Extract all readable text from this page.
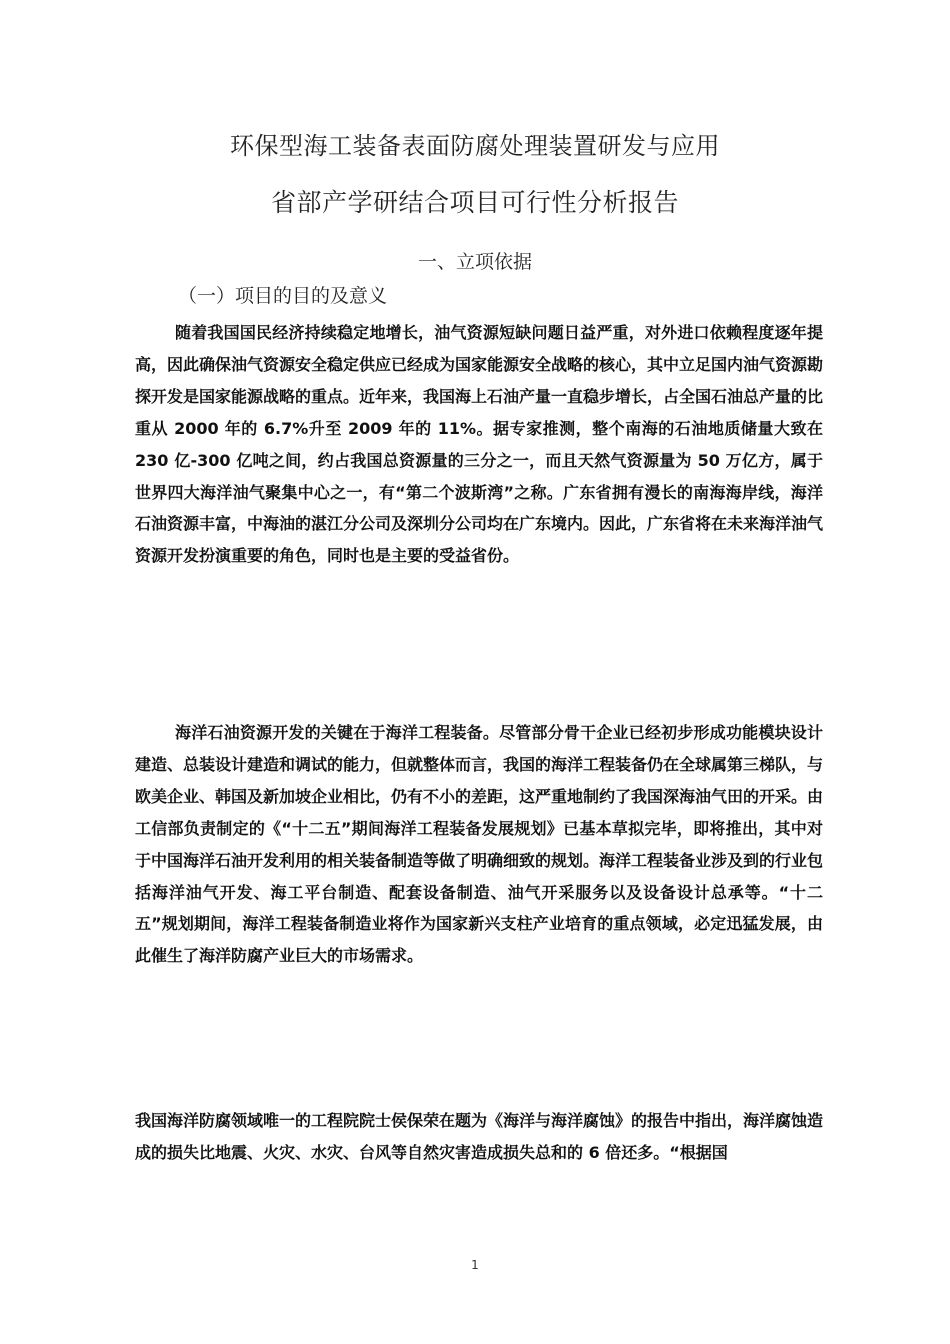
环保型海工装备表面防腐处理装置研发与应用
省部产学研结合项目可行性分析报告
一、立项依据
（一）项目的目的及意义

随着我国国民经济持续稳定地增长，油气资源短缺问题日益严重，对外进口依赖程度逐年提高，因此确保油气资源安全稳定供应已经成为国家能源安全战略的核心，其中立足国内油气资源勘探开发是国家能源战略的重点。近年来，我国海上石油产量一直稳步增长，占全国石油总产量的比重从 2000 年的 6.7%升至 2009 年的 11%。据专家推测，整个南海的石油地质储量大致在 230 亿-300 亿吨之间，约占我国总资源量的三分之一，而且天然气资源量为 50 万亿方，属于世界四大海洋油气聚集中心之一，有“第二个波斯湾”之称。广东省拥有漫长的南海海岸线，海洋石油资源丰富，中海油的湛江分公司及深圳分公司均在广东境内。因此，广东省将在未来海洋油气资源开发扮演重要的角色，同时也是主要的受益省份。

海洋石油资源开发的关键在于海洋工程装备。尽管部分骨干企业已经初步形成功能模块设计建造、总装设计建造和调试的能力，但就整体而言，我国的海洋工程装备仍在全球属第三梯队，与欧美企业、韩国及新加坡企业相比，仍有不小的差距，这严重地制约了我国深海油气田的开采。由工信部负责制定的《“十二五”期间海洋工程装备发展规划》已基本草拟完毕，即将推出，其中对于中国海洋石油开发利用的相关装备制造等做了明确细致的规划。海洋工程装备业涉及到的行业包括海洋油气开发、海工平台制造、配套设备制造、油气开采服务以及设备设计总承等。“十二五”规划期间，海洋工程装备制造业将作为国家新兴支柱产业培育的重点领域，必定迅猛发展，由此催生了海洋防腐产业巨大的市场需求。

我国海洋防腐领域唯一的工程院院士侯保荣在题为《海洋与海洋腐蚀》的报告中指出，海洋腐蚀造成的损失比地震、火灾、水灾、台风等自然灾害造成损失总和的 6 倍还多。“根据国

1
